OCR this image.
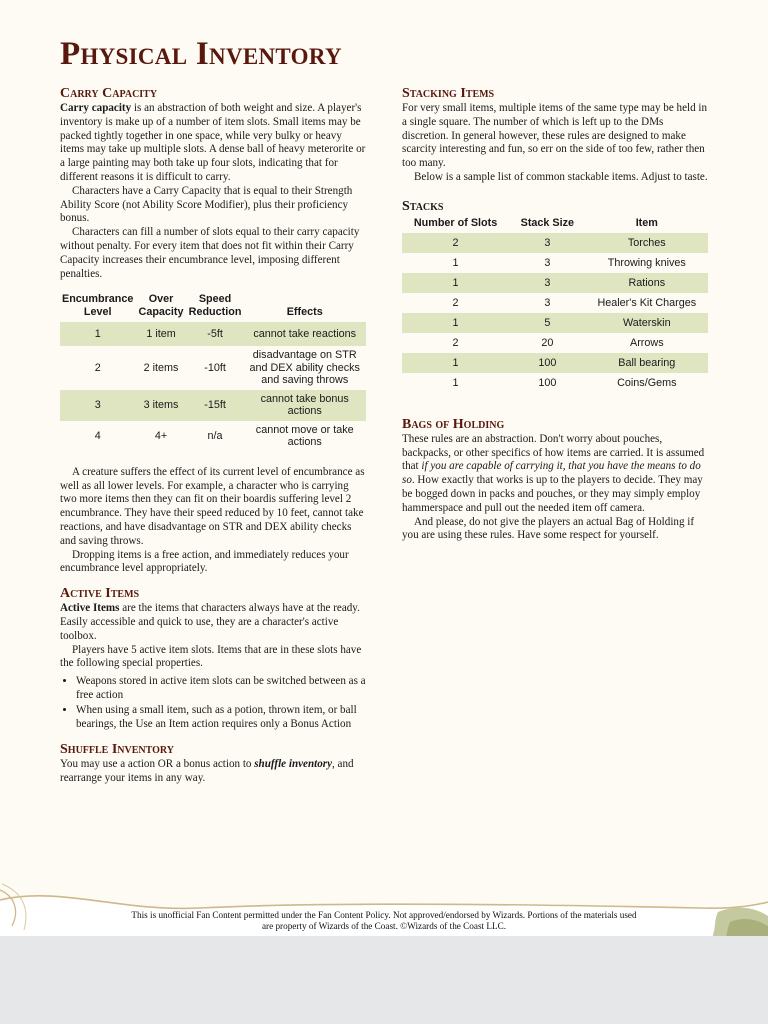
Physical Inventory
Carry Capacity

Carry capacity is an abstraction of both weight and size. A player's inventory is make up of a number of item slots. Small items may be packed tightly together in one space, while very bulky or heavy items may take up multiple slots. A dense ball of heavy meterorite or a large painting may both take up four slots, indicating that for different reasons it is difficult to carry.

Characters have a Carry Capacity that is equal to their Strength Ability Score (not Ability Score Modifier), plus their proficiency bonus.

Characters can fill a number of slots equal to their carry capacity without penalty. For every item that does not fit within their Carry Capacity increases their encumbrance level, imposing different penalties.

Encumbrance Level	Over Capacity	Speed Reduction	Effects
1	1 item	-5ft	cannot take reactions
2	2 items	-10ft	disadvantage on STR and DEX ability checks and saving throws
3	3 items	-15ft	cannot take bonus actions
4	4+	n/a	cannot move or take actions

A creature suffers the effect of its current level of encumbrance as well as all lower levels. For example, a character who is carrying two more items then they can fit on their boardis suffering level 2 encumbrance. They have their speed reduced by 10 feet, cannot take reactions, and have disadvantage on STR and DEX ability checks and saving throws.

Dropping items is a free action, and immediately reduces your encumbrance level appropriately.

Active Items

Active Items are the items that characters always have at the ready. Easily accessible and quick to use, they are a character's active toolbox.

Players have 5 active item slots. Items that are in these slots have the following special properties.

• Weapons stored in active item slots can be switched between as a free action
• When using a small item, such as a potion, thrown item, or ball bearings, the Use an Item action requires only a Bonus Action
Shuffle Inventory

You may use a action OR a bonus action to shuffle inventory, and rearrange your items in any way.

Stacking Items

For very small items, multiple items of the same type may be held in a single square. The number of which is left up to the DMs discretion. In general however, these rules are designed to make scarcity interesting and fun, so err on the side of too few, rather then too many.

Below is a sample list of common stackable items. Adjust to taste.

Stacks
Number of Slots	Stack Size	Item
2	3	Torches
1	3	Throwing knives
1	3	Rations
2	3	Healer's Kit Charges
1	5	Waterskin
2	20	Arrows
1	100	Ball bearing
1	100	Coins/Gems
Bags of Holding

These rules are an abstraction. Don't worry about pouches, backpacks, or other specifics of how items are carried. It is assumed that if you are capable of carrying it, that you have the means to do so. How exactly that works is up to the players to decide. They may be bogged down in packs and pouches, or they may simply employ hammerspace and pull out the needed item off camera.

And please, do not give the players an actual Bag of Holding if you are using these rules. Have some respect for yourself.

This is unofficial Fan Content permitted under the Fan Content Policy. Not approved/endorsed by Wizards. Portions of the materials used
are property of Wizards of the Coast. ©Wizards of the Coast LLC.
